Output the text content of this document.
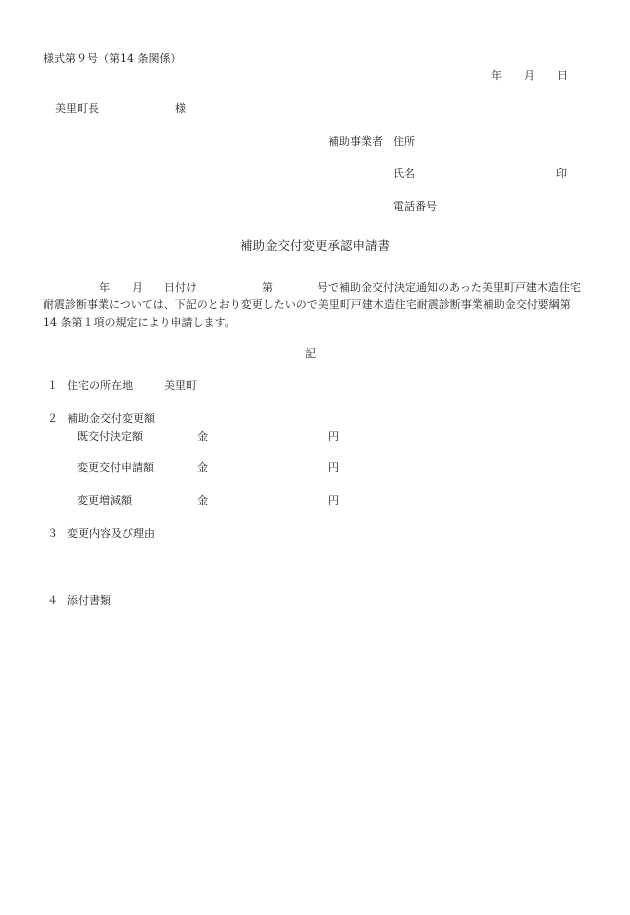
様式第９号（第14 条関係）
年 月 日
美里町長	様
補助事業者 住所
氏名	印
電話番号
補助金交付変更承認申請書
年 月 日付け	第	号で補助金交付決定通知のあった美里町戸建木造住宅
耐震診断事業については、下記のとおり変更したいので美里町戸建木造住宅耐震診断事業補助金交付要綱第
14 条第１項の規定により申請します。
記
１ 住宅の所在地	美里町
２ 補助金交付変更額
既交付決定額	金	円
変更交付申請額	金	円
変更増減額	金	円
３ 変更内容及び理由
４ 添付書類
